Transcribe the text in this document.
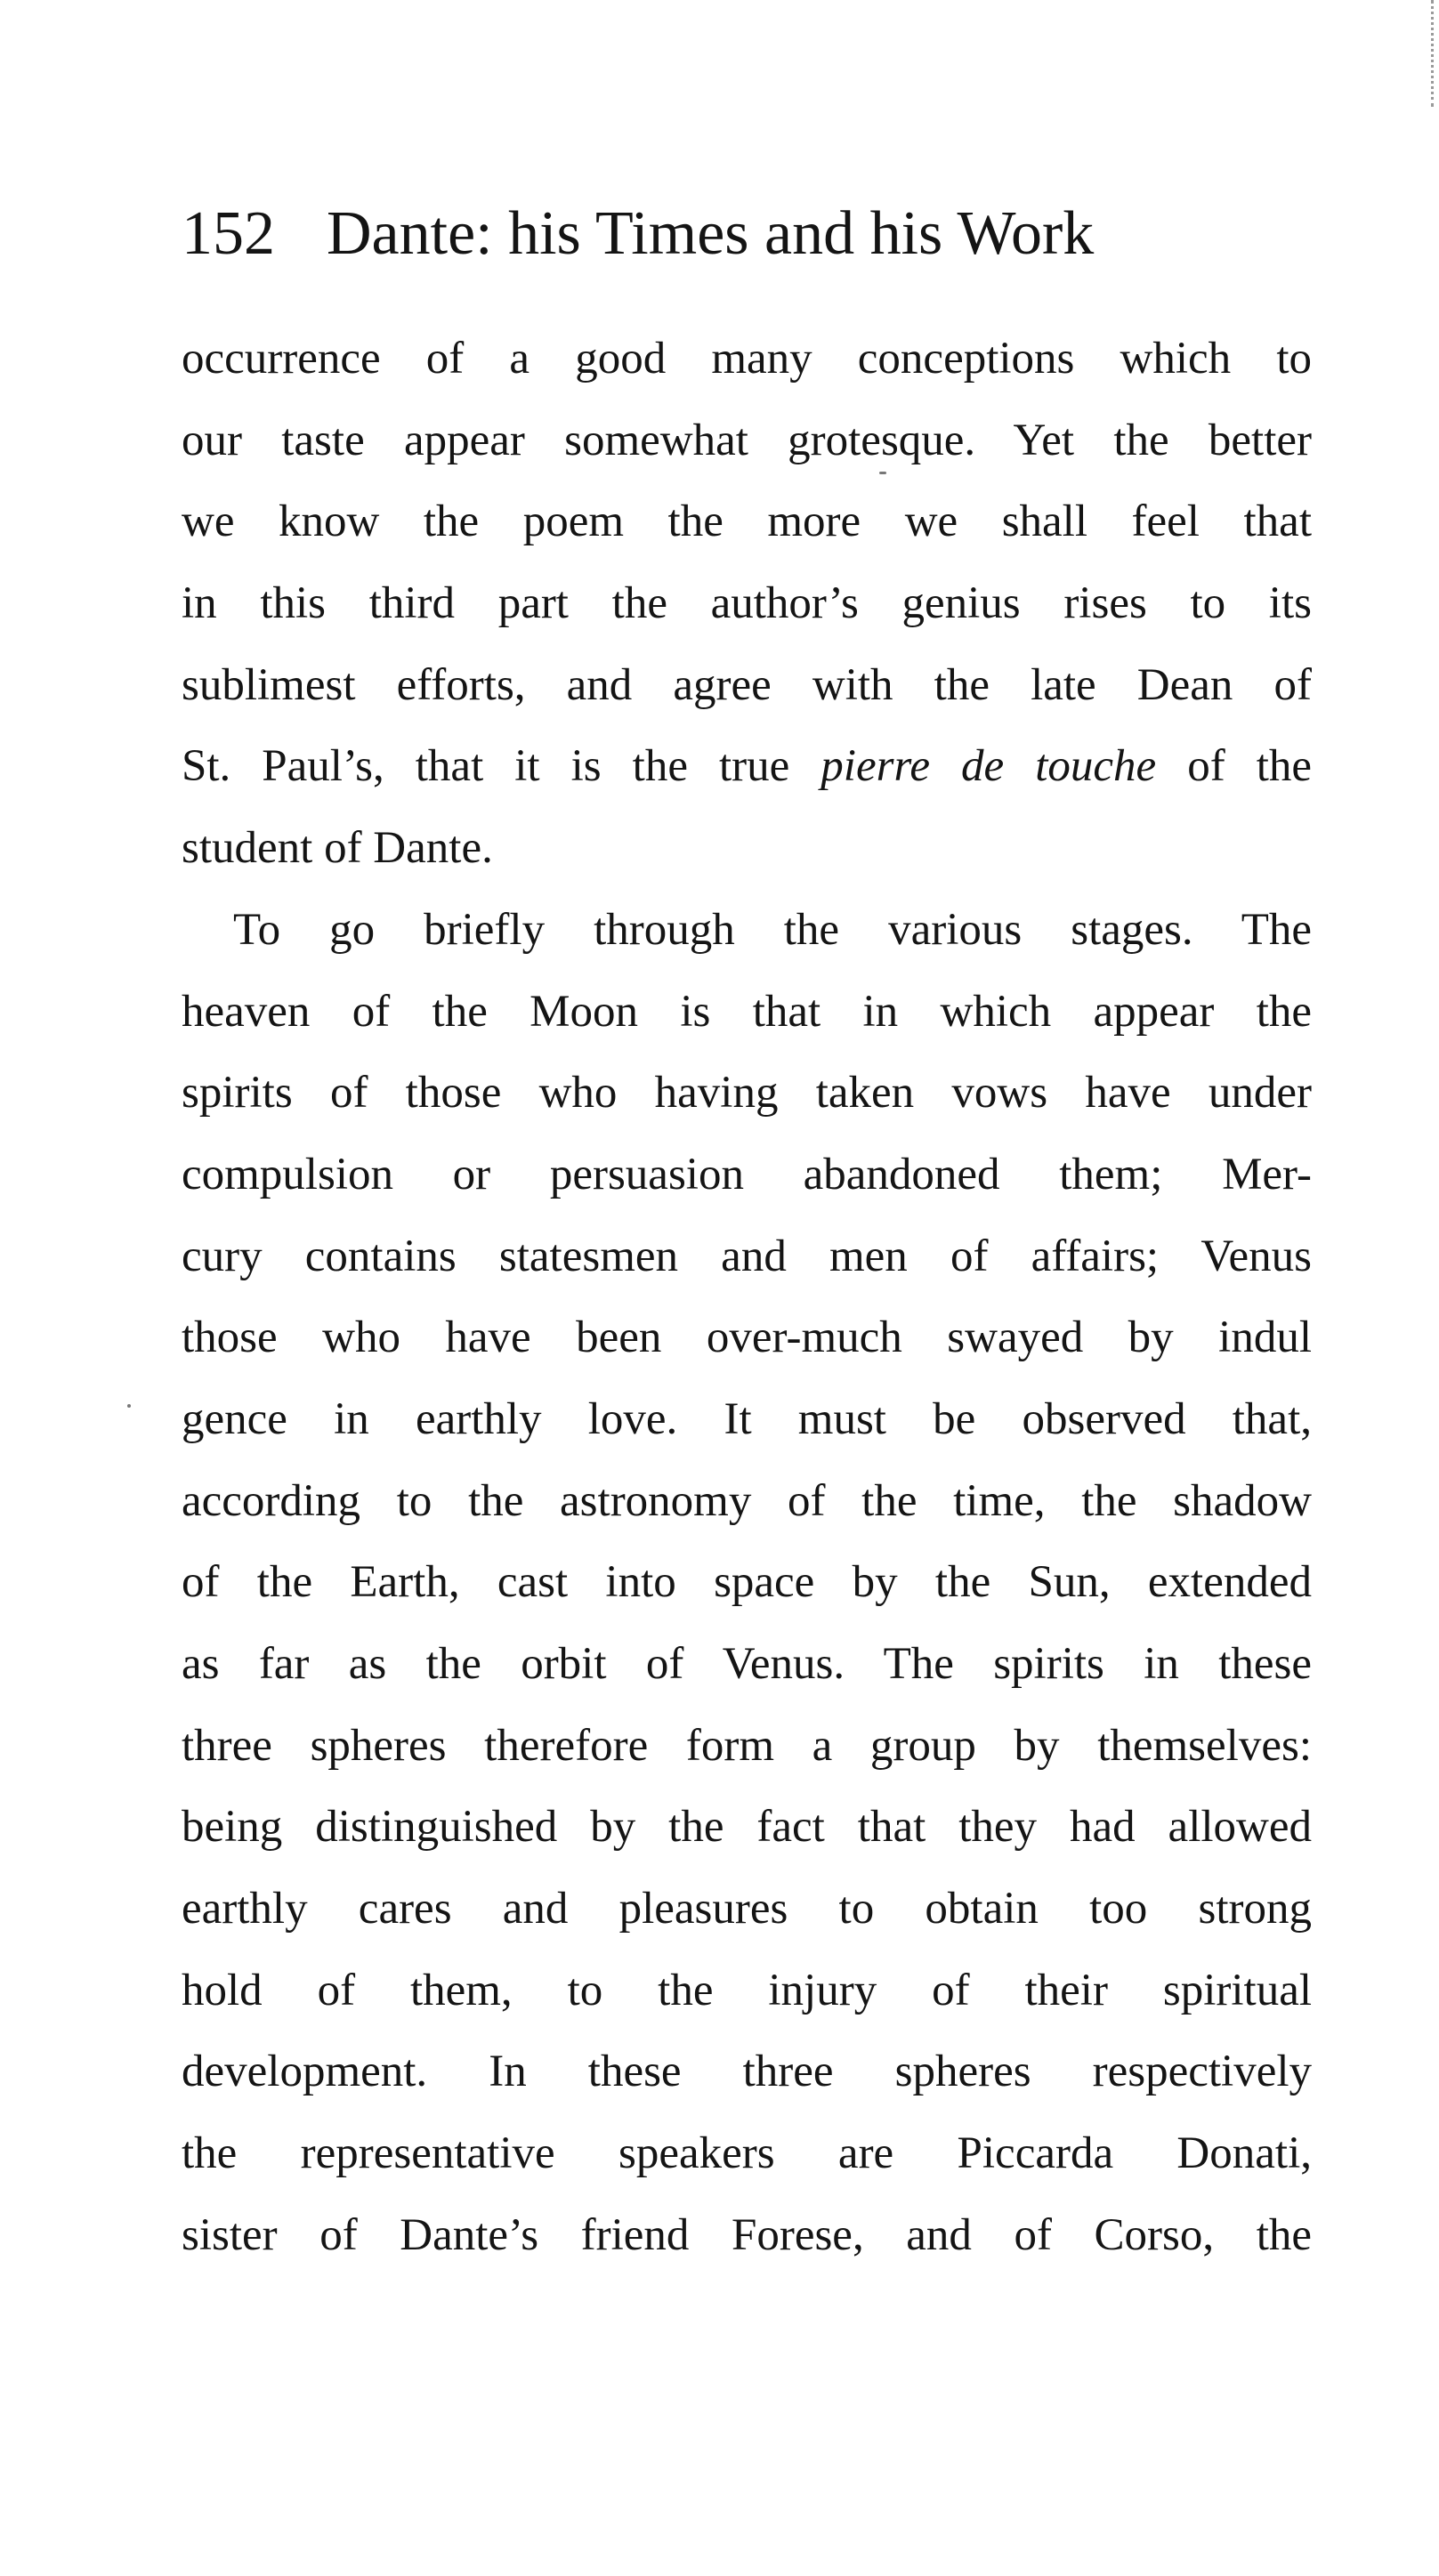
152 Dante: his Times and his Work
occurrence of a good many conceptions which to
our taste appear somewhat grotesque. Yet the better
we know the poem the more we shall feel that
in this third part the author’s genius rises to its
sublimest efforts, and agree with the late Dean of
St. Paul’s, that it is the true pierre de touche of the
student of Dante.
To go briefly through the various stages. The
heaven of the Moon is that in which appear the
spirits of those who having taken vows have under
compulsion or persuasion abandoned them; Mer-
cury contains statesmen and men of affairs; Venus
those who have been over-much swayed by indul
gence in earthly love. It must be observed that,
according to the astronomy of the time, the shadow
of the Earth, cast into space by the Sun, extended
as far as the orbit of Venus. The spirits in these
three spheres therefore form a group by themselves:
being distinguished by the fact that they had allowed
earthly cares and pleasures to obtain too strong
hold of them, to the injury of their spiritual
development. In these three spheres respectively
the representative speakers are Piccarda Donati,
sister of Dante’s friend Forese, and of Corso, the
